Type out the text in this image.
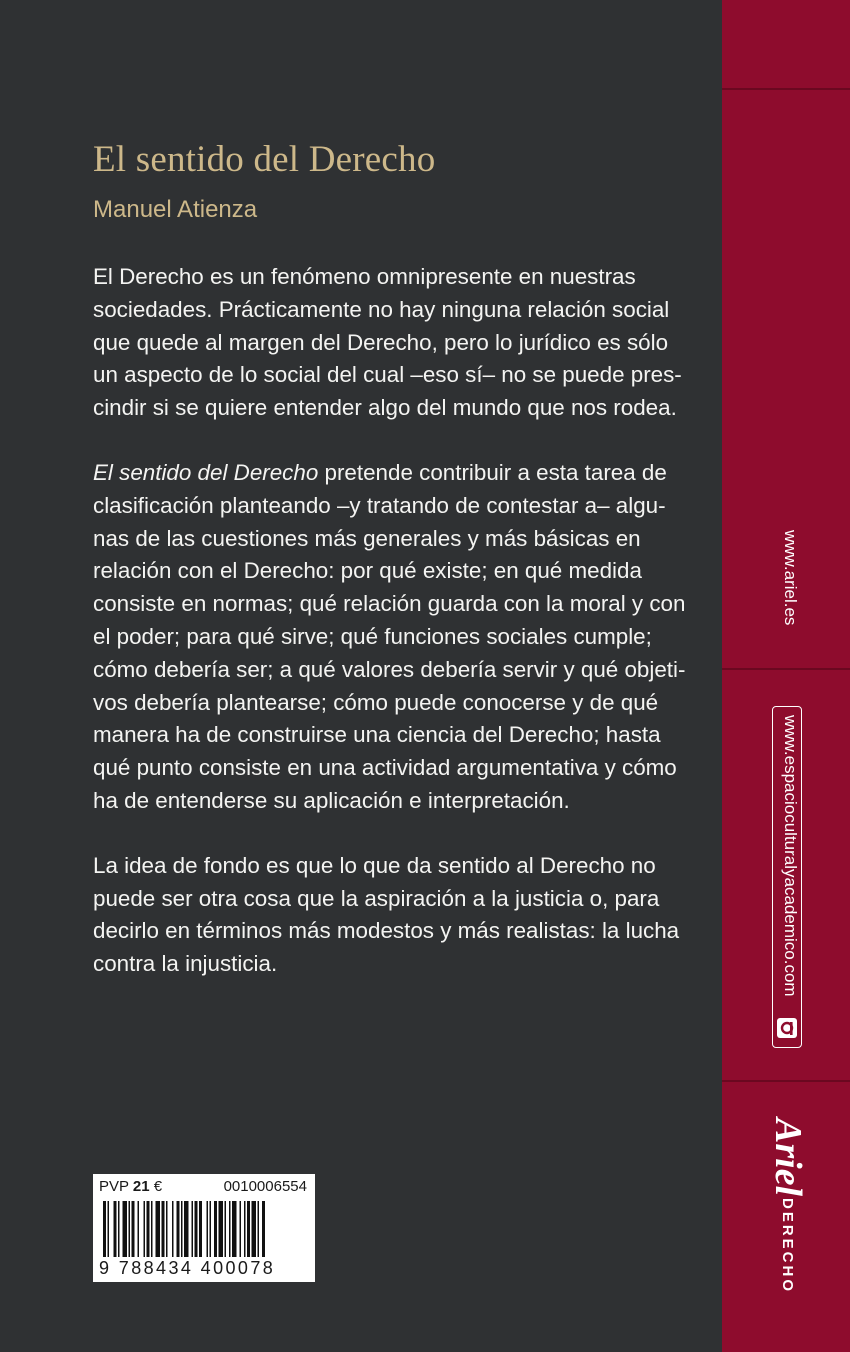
El sentido del Derecho
Manuel Atienza

El Derecho es un fenómeno omnipresente en nuestras
sociedades. Prácticamente no hay ninguna relación social
que quede al margen del Derecho, pero lo jurídico es sólo
un aspecto de lo social del cual –eso sí– no se puede pres-
cindir si se quiere entender algo del mundo que nos rodea.

El sentido del Derecho pretende contribuir a esta tarea de
clasificación planteando –y tratando de contestar a– algu-
nas de las cuestiones más generales y más básicas en
relación con el Derecho: por qué existe; en qué medida
consiste en normas; qué relación guarda con la moral y con
el poder; para qué sirve; qué funciones sociales cumple;
cómo debería ser; a qué valores debería servir y qué objeti-
vos debería plantearse; cómo puede conocerse y de qué
manera ha de construirse una ciencia del Derecho; hasta
qué punto consiste en una actividad argumentativa y cómo
ha de entenderse su aplicación e interpretación.

La idea de fondo es que lo que da sentido al Derecho no
puede ser otra cosa que la aspiración a la justicia o, para
decirlo en términos más modestos y más realistas: la lucha
contra la injusticia.

PVP 21 €	0010006554
9 788434 400078
www.ariel.es
www.espacioculturalyacademico.com
Ariel
DERECHO
